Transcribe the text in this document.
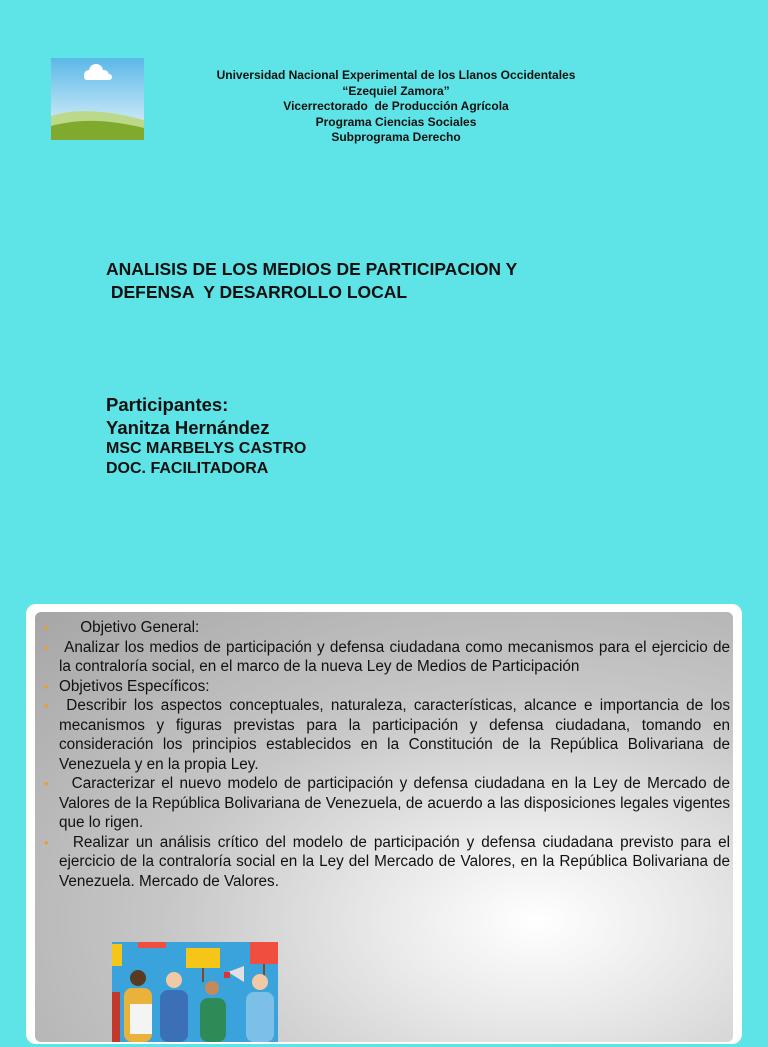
Universidad Nacional Experimental de los Llanos Occidentales
“Ezequiel Zamora”
Vicerrectorado  de Producción Agrícola
Programa Ciencias Sociales
Subprograma Derecho
ANALISIS DE LOS MEDIOS DE PARTICIPACION Y
DEFENSA  Y DESARROLLO LOCAL
Participantes:
Yanitza Hernández
MSC MARBELYS CASTRO
DOC. FACILITADORA
• Objetivo General:
• Analizar los medios de participación y defensa ciudadana como mecanismos para el ejercicio de la contraloría social, en el marco de la nueva Ley de Medios de Participación
• Objetivos Específicos:
• Describir los aspectos conceptuales, naturaleza, características, alcance e importancia de los mecanismos y figuras previstas para la participación y defensa ciudadana, tomando en consideración los principios establecidos en la Constitución de la República Bolivariana de Venezuela y en la propia Ley.
• Caracterizar el nuevo modelo de participación y defensa ciudadana en la Ley de Mercado de Valores de la República Bolivariana de Venezuela, de acuerdo a las disposiciones legales vigentes que lo rigen.
• Realizar un análisis crítico del modelo de participación y defensa ciudadana previsto para el ejercicio de la contraloría social en la Ley del Mercado de Valores, en la República Bolivariana de Venezuela. Mercado de Valores.
